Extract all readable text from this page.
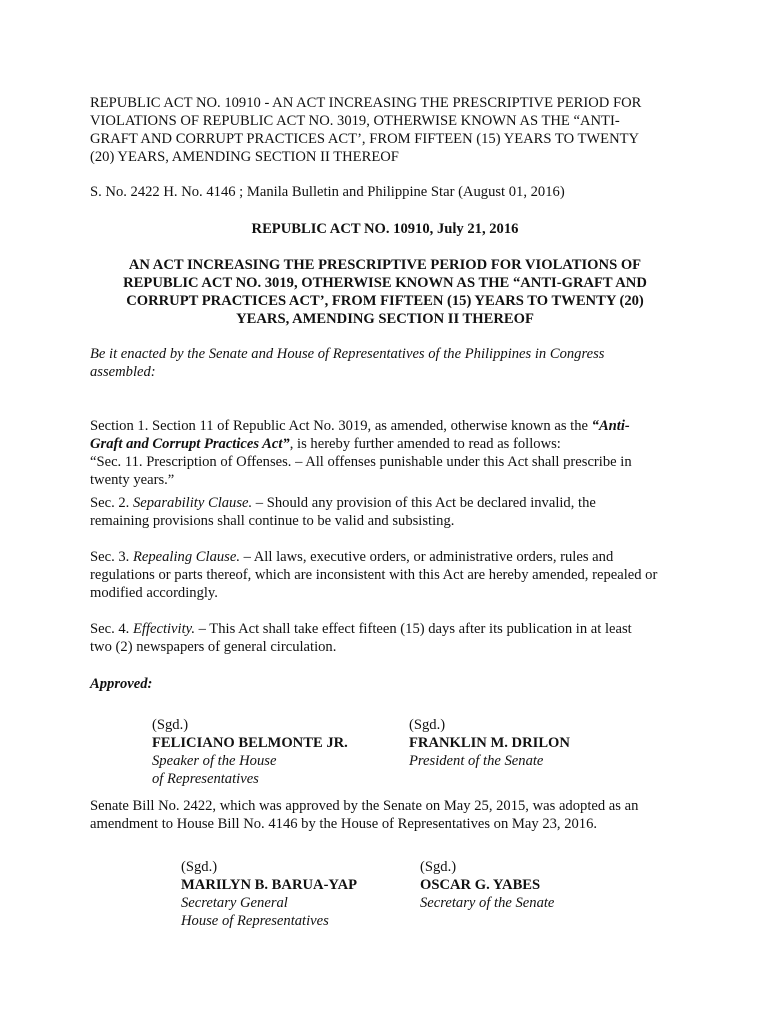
REPUBLIC ACT NO. 10910 - AN ACT INCREASING THE PRESCRIPTIVE PERIOD FOR
VIOLATIONS OF REPUBLIC ACT NO. 3019, OTHERWISE KNOWN AS THE “ANTI-
GRAFT AND CORRUPT PRACTICES ACT’, FROM FIFTEEN (15) YEARS TO TWENTY
(20) YEARS, AMENDING SECTION II THEREOF

S. No. 2422 H. No. 4146 ; Manila Bulletin and Philippine Star (August 01, 2016)

REPUBLIC ACT NO. 10910, July 21, 2016

AN ACT INCREASING THE PRESCRIPTIVE PERIOD FOR VIOLATIONS OF
REPUBLIC ACT NO. 3019, OTHERWISE KNOWN AS THE “ANTI-GRAFT AND
CORRUPT PRACTICES ACT’, FROM FIFTEEN (15) YEARS TO TWENTY (20)
YEARS, AMENDING SECTION II THEREOF

Be it enacted by the Senate and House of Representatives of the Philippines in Congress
assembled:

Section 1. Section 11 of Republic Act No. 3019, as amended, otherwise known as the “Anti-
Graft and Corrupt Practices Act”, is hereby further amended to read as follows:
“Sec. 11. Prescription of Offenses. – All offenses punishable under this Act shall prescribe in
twenty years.”

Sec. 2. Separability Clause. – Should any provision of this Act be declared invalid, the
remaining provisions shall continue to be valid and subsisting.

Sec. 3. Repealing Clause. – All laws, executive orders, or administrative orders, rules and
regulations or parts thereof, which are inconsistent with this Act are hereby amended, repealed or
modified accordingly.

Sec. 4. Effectivity. – This Act shall take effect fifteen (15) days after its publication in at least
two (2) newspapers of general circulation.

Approved:

(Sgd.)
FELICIANO BELMONTE JR.
Speaker of the House
of Representatives
(Sgd.)
FRANKLIN M. DRILON
President of the Senate

Senate Bill No. 2422, which was approved by the Senate on May 25, 2015, was adopted as an
amendment to House Bill No. 4146 by the House of Representatives on May 23, 2016.

(Sgd.)
MARILYN B. BARUA-YAP
Secretary General
House of Representatives
(Sgd.)
OSCAR G. YABES
Secretary of the Senate
